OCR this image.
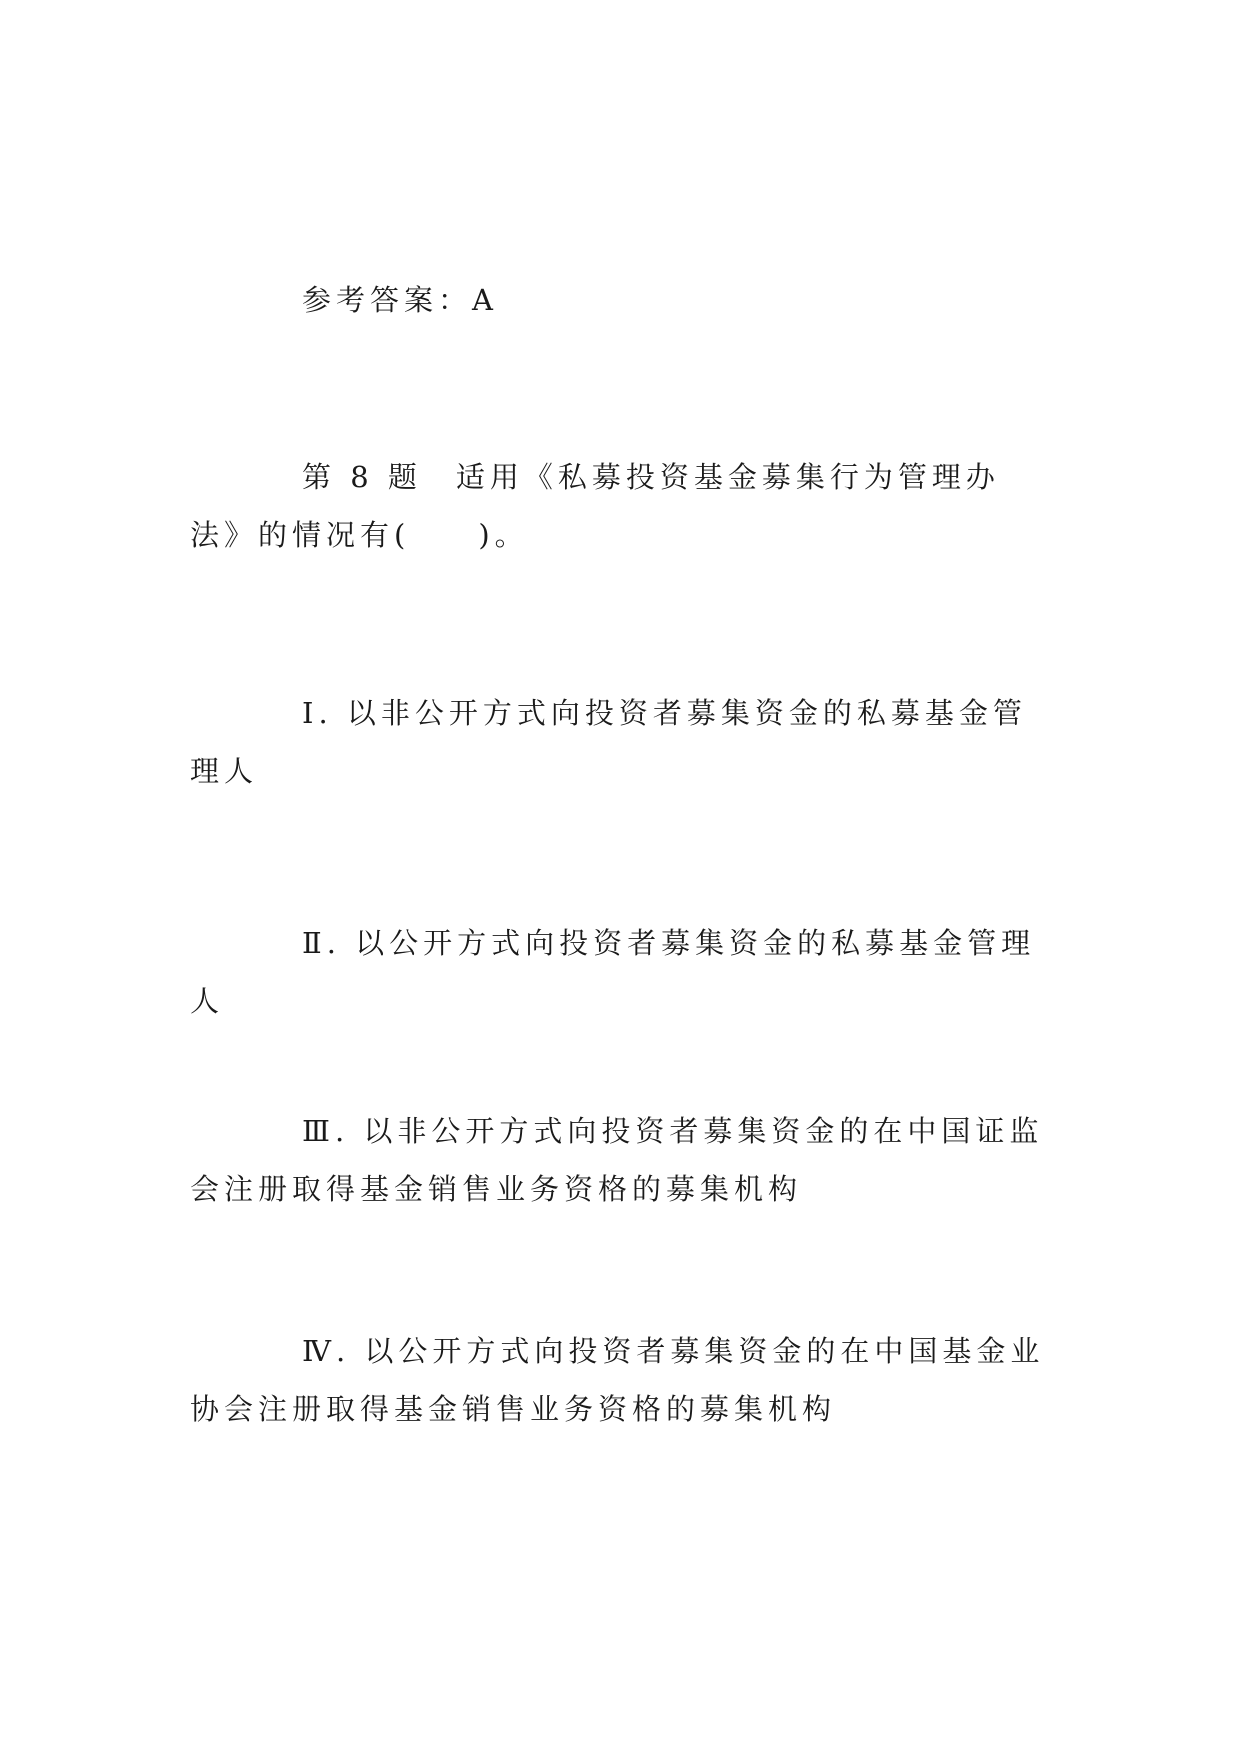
参考答案：A

第 8 题　适用《私募投资基金募集行为管理办法》的情况有(　　)。

Ⅰ. 以非公开方式向投资者募集资金的私募基金管理人

Ⅱ. 以公开方式向投资者募集资金的私募基金管理人

Ⅲ. 以非公开方式向投资者募集资金的在中国证监会注册取得基金销售业务资格的募集机构

Ⅳ. 以公开方式向投资者募集资金的在中国基金业协会注册取得基金销售业务资格的募集机构
